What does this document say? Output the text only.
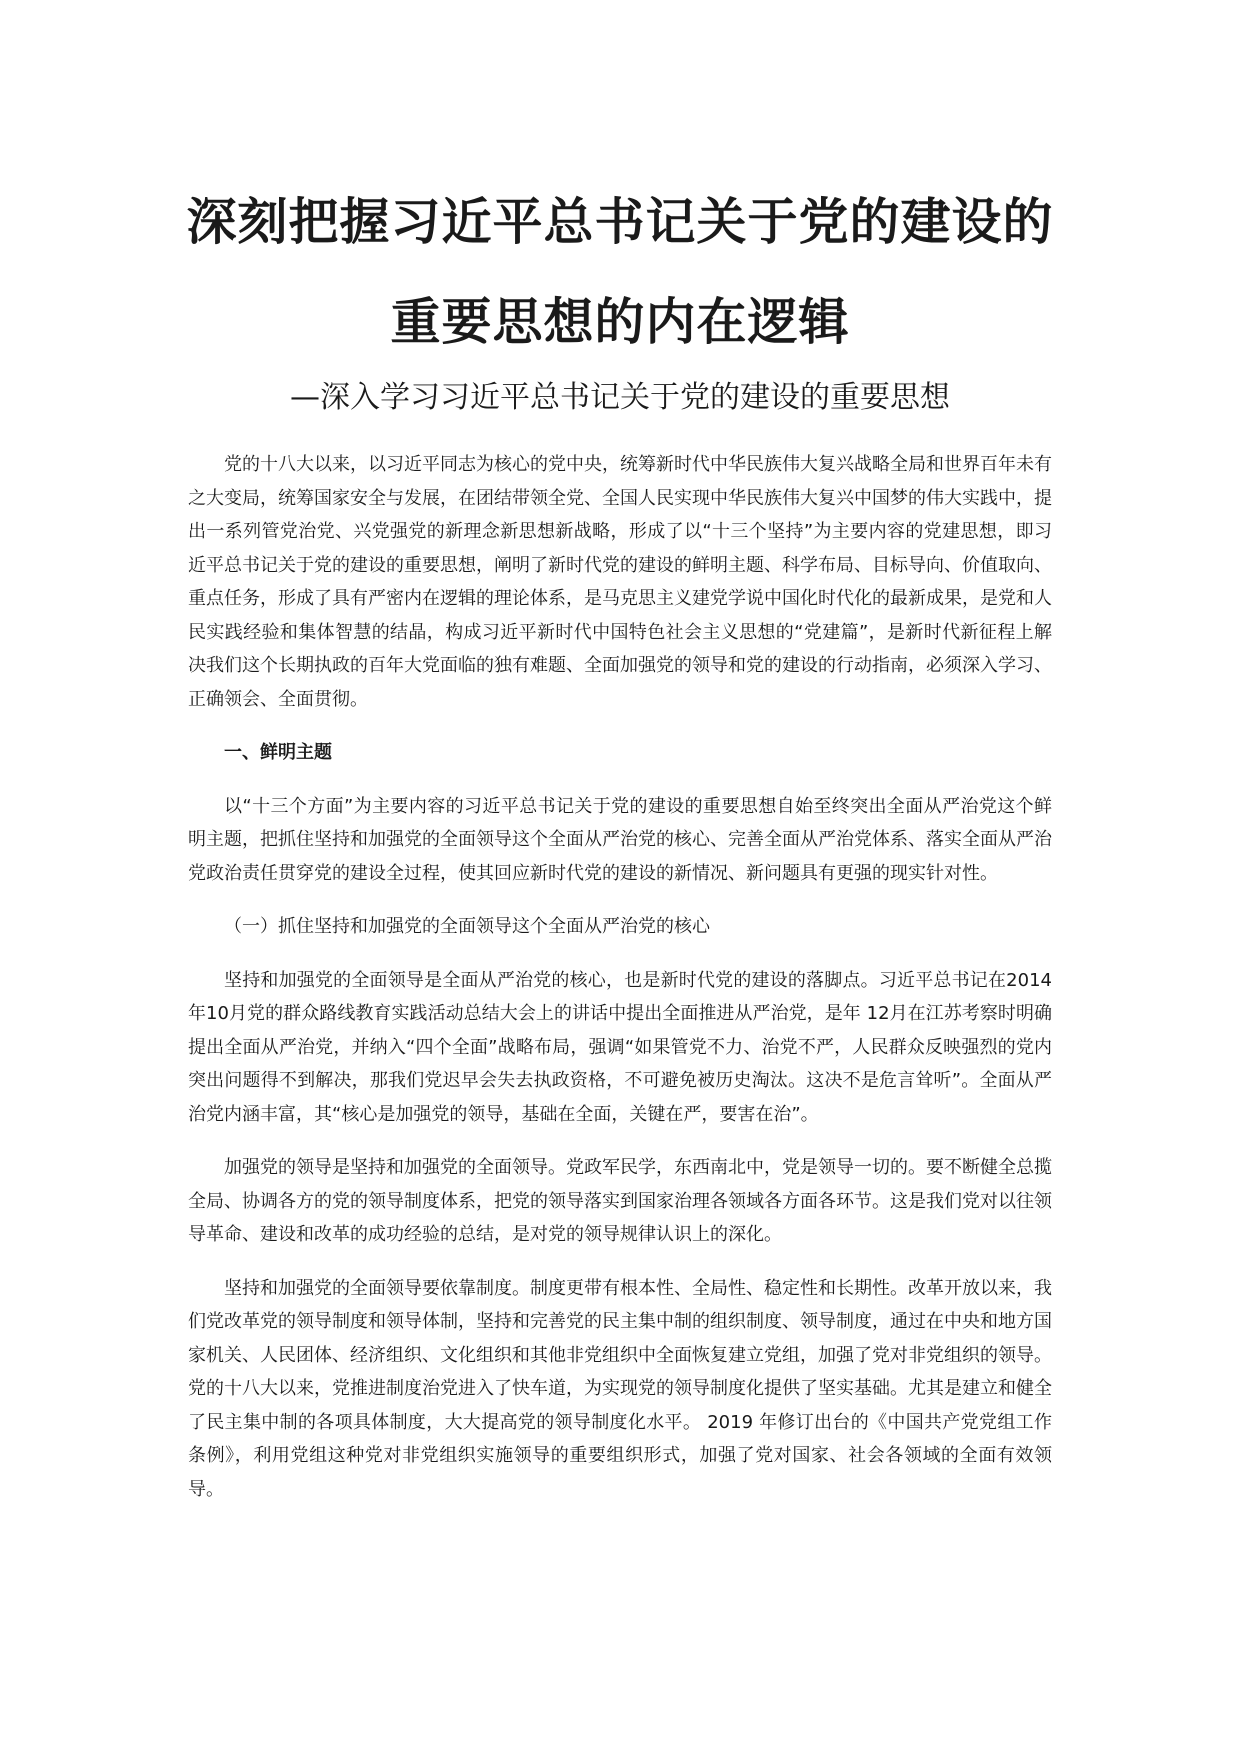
深刻把握习近平总书记关于党的建设的
重要思想的内在逻辑
—深入学习习近平总书记关于党的建设的重要思想

党的十八大以来，以习近平同志为核心的党中央，统筹新时代中华民族伟大复兴战略全局和世界百年未有之大变局，统筹国家安全与发展，在团结带领全党、全国人民实现中华民族伟大复兴中国梦的伟大实践中，提出一系列管党治党、兴党强党的新理念新思想新战略，形成了以“十三个坚持”为主要内容的党建思想，即习近平总书记关于党的建设的重要思想，阐明了新时代党的建设的鲜明主题、科学布局、目标导向、价值取向、重点任务，形成了具有严密内在逻辑的理论体系，是马克思主义建党学说中国化时代化的最新成果，是党和人民实践经验和集体智慧的结晶，构成习近平新时代中国特色社会主义思想的“党建篇”，是新时代新征程上解决我们这个长期执政的百年大党面临的独有难题、全面加强党的领导和党的建设的行动指南，必须深入学习、正确领会、全面贯彻。

一、鲜明主题

以“十三个方面”为主要内容的习近平总书记关于党的建设的重要思想自始至终突出全面从严治党这个鲜明主题，把抓住坚持和加强党的全面领导这个全面从严治党的核心、完善全面从严治党体系、落实全面从严治党政治责任贯穿党的建设全过程，使其回应新时代党的建设的新情况、新问题具有更强的现实针对性。

（一）抓住坚持和加强党的全面领导这个全面从严治党的核心

坚持和加强党的全面领导是全面从严治党的核心，也是新时代党的建设的落脚点。习近平总书记在2014年10月党的群众路线教育实践活动总结大会上的讲话中提出全面推进从严治党，是年 12月在江苏考察时明确提出全面从严治党，并纳入“四个全面”战略布局，强调“如果管党不力、治党不严，人民群众反映强烈的党内突出问题得不到解决，那我们党迟早会失去执政资格，不可避免被历史淘汰。这决不是危言耸听”。全面从严治党内涵丰富，其“核心是加强党的领导，基础在全面，关键在严，要害在治”。

加强党的领导是坚持和加强党的全面领导。党政军民学，东西南北中，党是领导一切的。要不断健全总揽全局、协调各方的党的领导制度体系，把党的领导落实到国家治理各领域各方面各环节。这是我们党对以往领导革命、建设和改革的成功经验的总结，是对党的领导规律认识上的深化。

坚持和加强党的全面领导要依靠制度。制度更带有根本性、全局性、稳定性和长期性。改革开放以来，我们党改革党的领导制度和领导体制，坚持和完善党的民主集中制的组织制度、领导制度，通过在中央和地方国家机关、人民团体、经济组织、文化组织和其他非党组织中全面恢复建立党组，加强了党对非党组织的领导。党的十八大以来，党推进制度治党进入了快车道，为实现党的领导制度化提供了坚实基础。尤其是建立和健全了民主集中制的各项具体制度，大大提高党的领导制度化水平。 2019 年修订出台的《中国共产党党组工作条例》，利用党组这种党对非党组织实施领导的重要组织形式，加强了党对国家、社会各领域的全面有效领导。
